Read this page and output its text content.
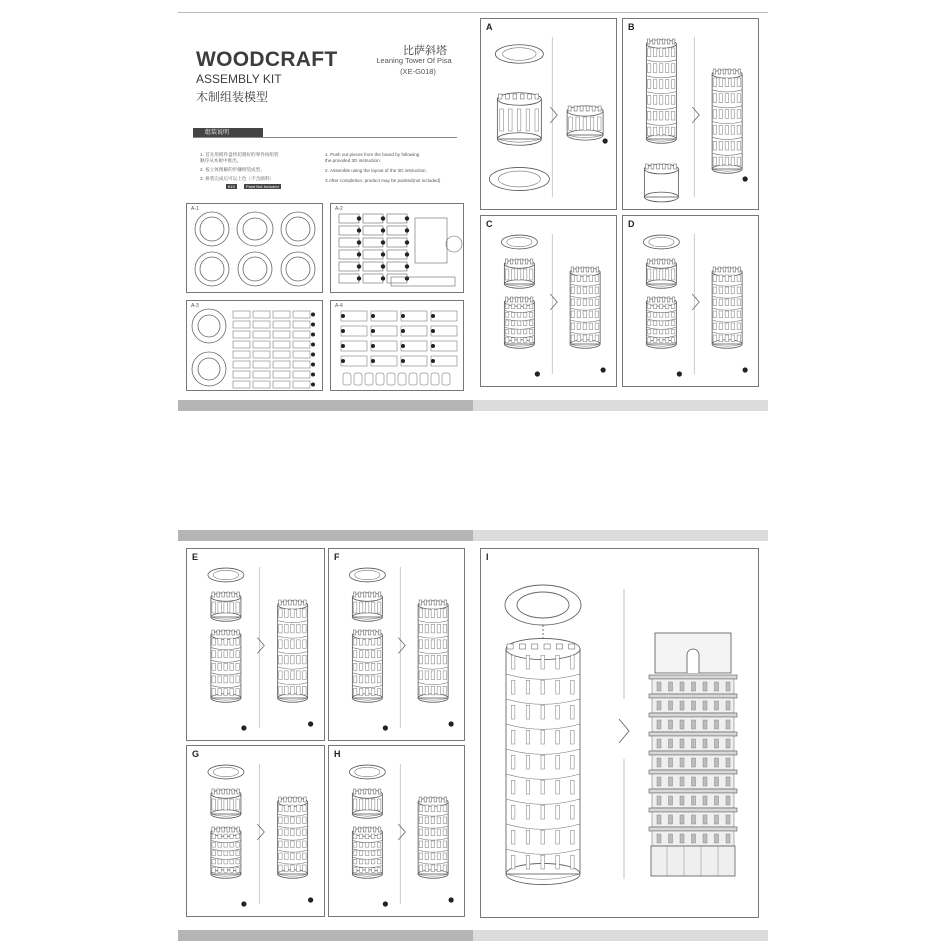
WOODCRAFT
ASSEMBLY KIT
木制组装模型
比萨斜塔
Leaning Tower Of Pisa
(XE-G018)
组装说明
1. 首先用模件盘将切割好的零件按组装
顺序从木板中推出。
2. 按立体图解的步骤组装成型。
3. 拼装完成后可以上色（不含颜料）
619	Paint Not Included
1. Push out pieces from the board by following
the provided 3D instruction.
2. Assemble using the layout of the 3D instruction.
3.After completion, product may be painted(not included)
A-1	A-2
A-3	A-4
A	B
C	D
E	F
G	H
I
